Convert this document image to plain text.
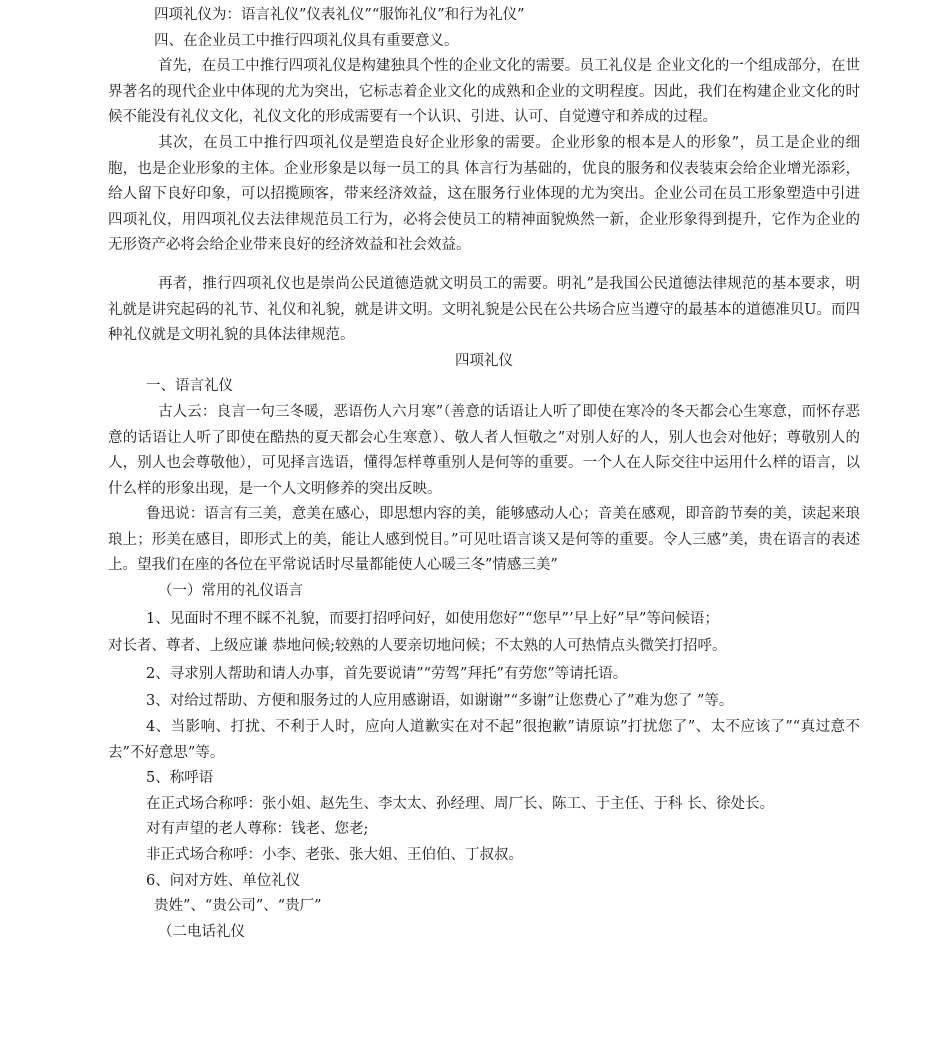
四项礼仪为：语言礼仪”仪表礼仪”“服饰礼仪”和行为礼仪”

四、在企业员工中推行四项礼仪具有重要意义。

首先，在员工中推行四项礼仪是构建独具个性的企业文化的需要。员工礼仪是 企业文化的一个组成部分，在世界著名的现代企业中体现的尤为突出，它标志着企业文化的成熟和企业的文明程度。因此，我们在构建企业文化的时候不能没有礼仪文化，礼仪文化的形成需要有一个认识、引进、认可、自觉遵守和养成的过程。

其次，在员工中推行四项礼仪是塑造良好企业形象的需要。企业形象的根本是人的形象”，员工是企业的细胞，也是企业形象的主体。企业形象是以每一员工的具 体言行为基础的，优良的服务和仪表装束会给企业增光添彩，给人留下良好印象，可以招揽顾客，带来经济效益，这在服务行业体现的尤为突出。企业公司在员工形象塑造中引进四项礼仪，用四项礼仪去法律规范员工行为，必将会使员工的精神面貌焕然一新，企业形象得到提升，它作为企业的无形资产必将会给企业带来良好的经济效益和社会效益。

再者，推行四项礼仪也是崇尚公民道德造就文明员工的需要。明礼”是我国公民道德法律规范的基本要求，明礼就是讲究起码的礼节、礼仪和礼貌，就是讲文明。文明礼貌是公民在公共场合应当遵守的最基本的道德准贝U。而四种礼仪就是文明礼貌的具体法律规范。

四项礼仪

一、语言礼仪

古人云：良言一句三冬暖，恶语伤人六月寒”（善意的话语让人听了即使在寒冷的冬天都会心生寒意，而怀存恶意的话语让人听了即使在酷热的夏天都会心生寒意）、敬人者人恒敬之”对别人好的人，别人也会对他好；尊敬别人的人，别人也会尊敬他），可见择言选语，懂得怎样尊重别人是何等的重要。一个人在人际交往中运用什么样的语言，以什么样的形象出现，是一个人文明修养的突出反映。

鲁迅说：语言有三美，意美在感心，即思想内容的美，能够感动人心；音美在感观，即音韵节奏的美，读起来琅琅上；形美在感目，即形式上的美，能让人感到悦目。”可见吐语言谈又是何等的重要。令人三感”美，贵在语言的表述上。望我们在座的各位在平常说话时尽量都能使人心暖三冬”情感三美”

（一）常用的礼仪语言

1、见面时不理不睬不礼貌，而要打招呼问好，如使用您好”“您早”’早上好”早”等问候语；

对长者、尊者、上级应谦 恭地问候;较熟的人要亲切地问候；不太熟的人可热情点头微笑打招呼。

2、寻求别人帮助和请人办事，首先要说请”“劳驾”拜托”有劳您”等请托语。

3、对给过帮助、方便和服务过的人应用感谢语，如谢谢”“多谢”让您费心了”难为您了 ”等。

4、当影响、打扰、不利于人时，应向人道歉实在对不起”很抱歉”请原谅”打扰您了”、太不应该了”“真过意不去”不好意思”等。

5、称呼语

在正式场合称呼：张小姐、赵先生、李太太、孙经理、周厂长、陈工、于主任、于科 长、徐处长。

对有声望的老人尊称：钱老、您老;

非正式场合称呼：小李、老张、张大姐、王伯伯、丁叔叔。

6、问对方姓、单位礼仪

贵姓”、“贵公司”、“贵厂”

（二电话礼仪
